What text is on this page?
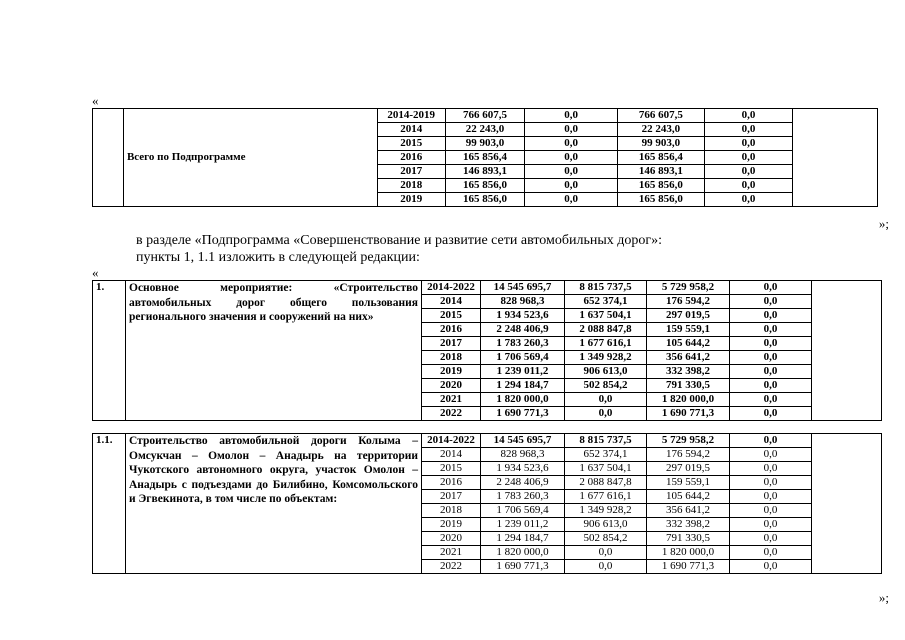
«
	Всего по Подпрограмме	2014-2019	766 607,5	0,0	766 607,5	0,0	
		2014	22 243,0	0,0	22 243,0	0,0	
		2015	99 903,0	0,0	99 903,0	0,0	
		2016	165 856,4	0,0	165 856,4	0,0	
		2017	146 893,1	0,0	146 893,1	0,0	
		2018	165 856,0	0,0	165 856,0	0,0	
		2019	165 856,0	0,0	165 856,0	0,0	
»;
в разделе «Подпрограмма «Совершенствование и развитие сети автомобильных дорог»:
пункты 1, 1.1 изложить в следующей редакции:
«
1.	Основное мероприятие: «Строительство автомобильных дорог общего пользования регионального значения и сооружений на них»	2014-2022	14 545 695,7	8 815 737,5	5 729 958,2	0,0	
		2014	828 968,3	652 374,1	176 594,2	0,0	
		2015	1 934 523,6	1 637 504,1	297 019,5	0,0	
		2016	2 248 406,9	2 088 847,8	159 559,1	0,0	
		2017	1 783 260,3	1 677 616,1	105 644,2	0,0	
		2018	1 706 569,4	1 349 928,2	356 641,2	0,0	
		2019	1 239 011,2	906 613,0	332 398,2	0,0	
		2020	1 294 184,7	502 854,2	791 330,5	0,0	
		2021	1 820 000,0	0,0	1 820 000,0	0,0	
		2022	1 690 771,3	0,0	1 690 771,3	0,0	
1.1.	Строительство автомобильной дороги Колыма – Омсукчан – Омолон – Анадырь на территории Чукотского автономного округа, участок Омолон – Анадырь с подъездами до Билибино, Комсомольского и Эгвекинота, в том числе по объектам:	2014-2022	14 545 695,7	8 815 737,5	5 729 958,2	0,0	
		2014	828 968,3	652 374,1	176 594,2	0,0	
		2015	1 934 523,6	1 637 504,1	297 019,5	0,0	
		2016	2 248 406,9	2 088 847,8	159 559,1	0,0	
		2017	1 783 260,3	1 677 616,1	105 644,2	0,0	
		2018	1 706 569,4	1 349 928,2	356 641,2	0,0	
		2019	1 239 011,2	906 613,0	332 398,2	0,0	
		2020	1 294 184,7	502 854,2	791 330,5	0,0	
		2021	1 820 000,0	0,0	1 820 000,0	0,0	
		2022	1 690 771,3	0,0	1 690 771,3	0,0	
»;
